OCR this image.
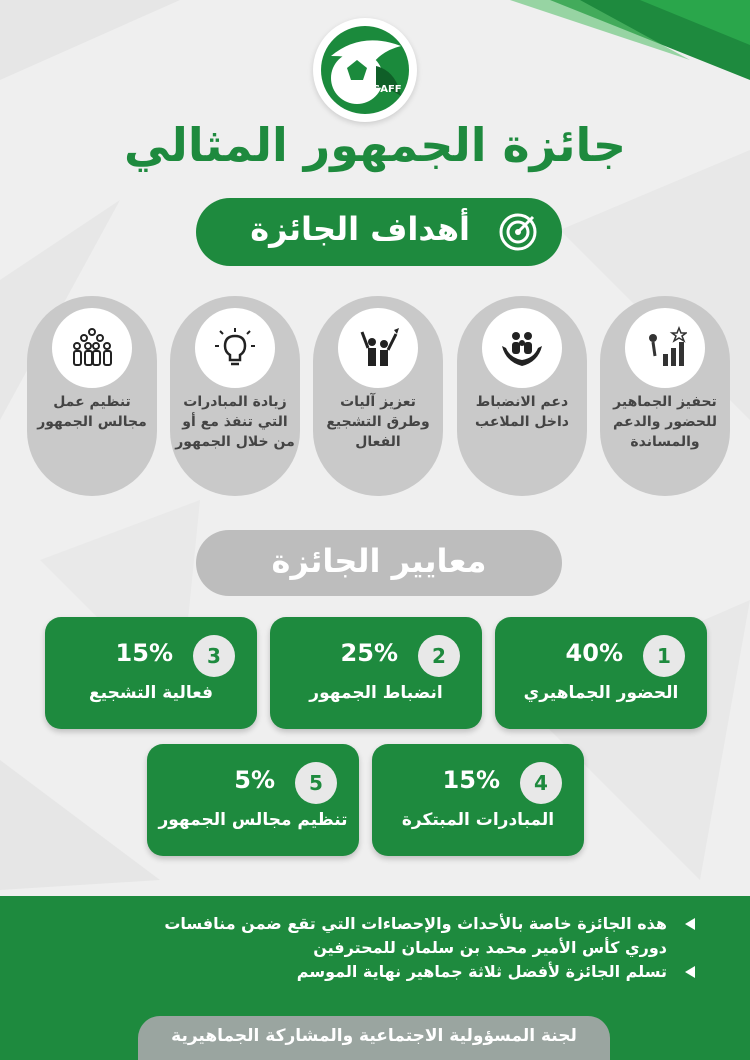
SAFF
جائزة الجمهور المثالي
أهداف الجائزة
تحفيز الجماهير للحضور والدعم والمساندة
دعم الانضباط داخل الملاعب
تعزيز آليات وطرق التشجيع الفعال
زيادة المبادرات التي تنفذ مع أو من خلال الجمهور
تنظيم عمل مجالس الجمهور
معايير الجائزة
1
40%
الحضور الجماهيري
2
25%
انضباط الجمهور
3
15%
فعالية التشجيع
4
15%
المبادرات المبتكرة
5
5%
تنظيم مجالس الجمهور
هذه الجائزة خاصة بالأحداث والإحصاءات التي تقع ضمن منافسات
دوري كأس الأمير محمد بن سلمان للمحترفين
تسلم الجائزة لأفضل ثلاثة جماهير نهاية الموسم
لجنة المسؤولية الاجتماعية والمشاركة الجماهيرية
